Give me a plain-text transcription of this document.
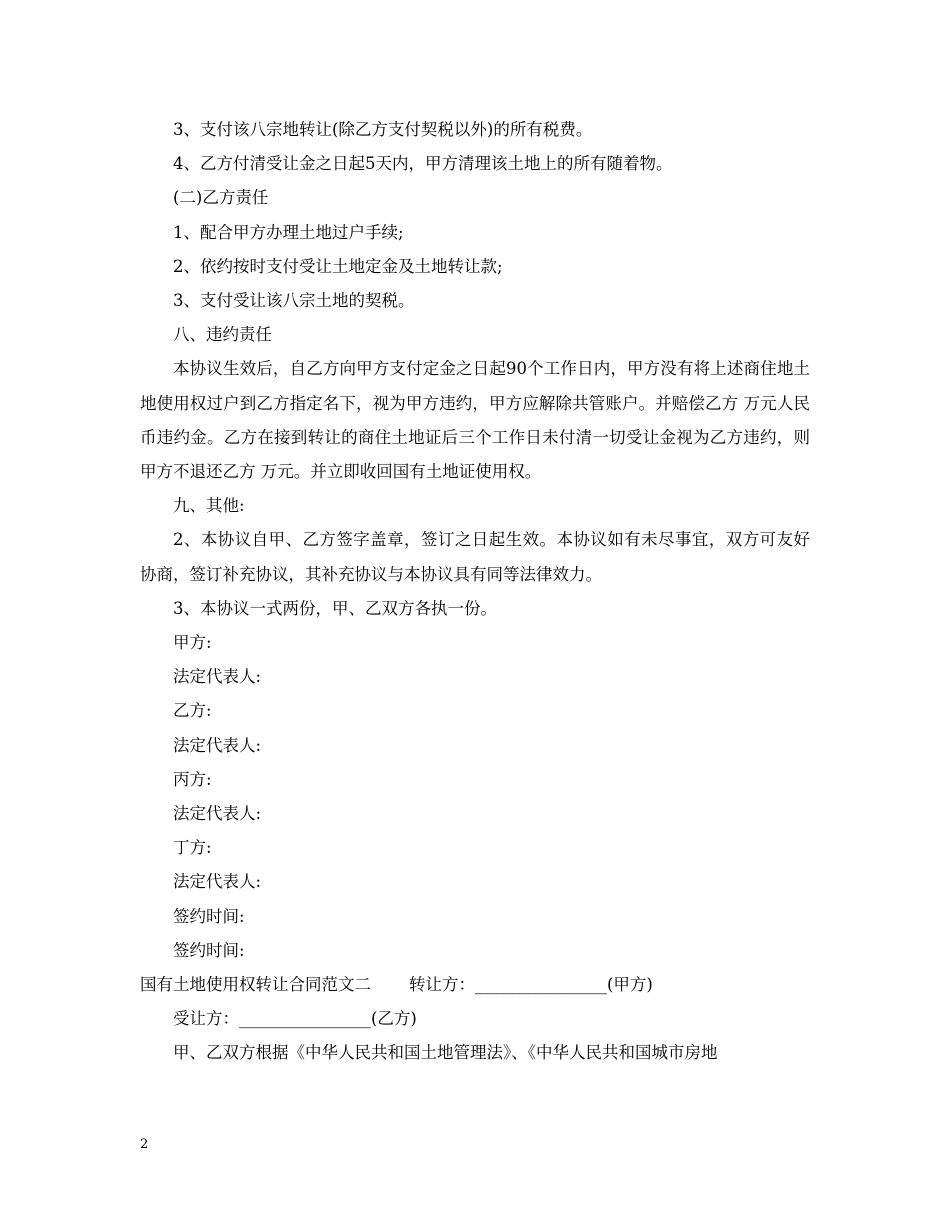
3、支付该八宗地转让(除乙方支付契税以外)的所有税费。

4、乙方付清受让金之日起5天内，甲方清理该土地上的所有随着物。

(二)乙方责任

1、配合甲方办理土地过户手续;

2、依约按时支付受让土地定金及土地转让款;

3、支付受让该八宗土地的契税。

八、违约责任

本协议生效后，自乙方向甲方支付定金之日起90个工作日内，甲方没有将上述商住地土地使用权过户到乙方指定名下，视为甲方违约，甲方应解除共管账户。并赔偿乙方 万元人民币违约金。乙方在接到转让的商住土地证后三个工作日未付清一切受让金视为乙方违约，则甲方不退还乙方 万元。并立即收回国有土地证使用权。

九、其他:

2、本协议自甲、乙方签字盖章，签订之日起生效。本协议如有未尽事宜，双方可友好协商，签订补充协议，其补充协议与本协议具有同等法律效力。

3、本协议一式两份，甲、乙双方各执一份。

甲方:

法定代表人:

乙方:

法定代表人:

丙方:

法定代表人:

丁方:

法定代表人:

签约时间:

签约时间:

国有土地使用权转让合同范文二 转让方：________________(甲方)

受让方：________________(乙方)

甲、乙双方根据《中华人民共和国土地管理法》、《中华人民共和国城市房地

2
